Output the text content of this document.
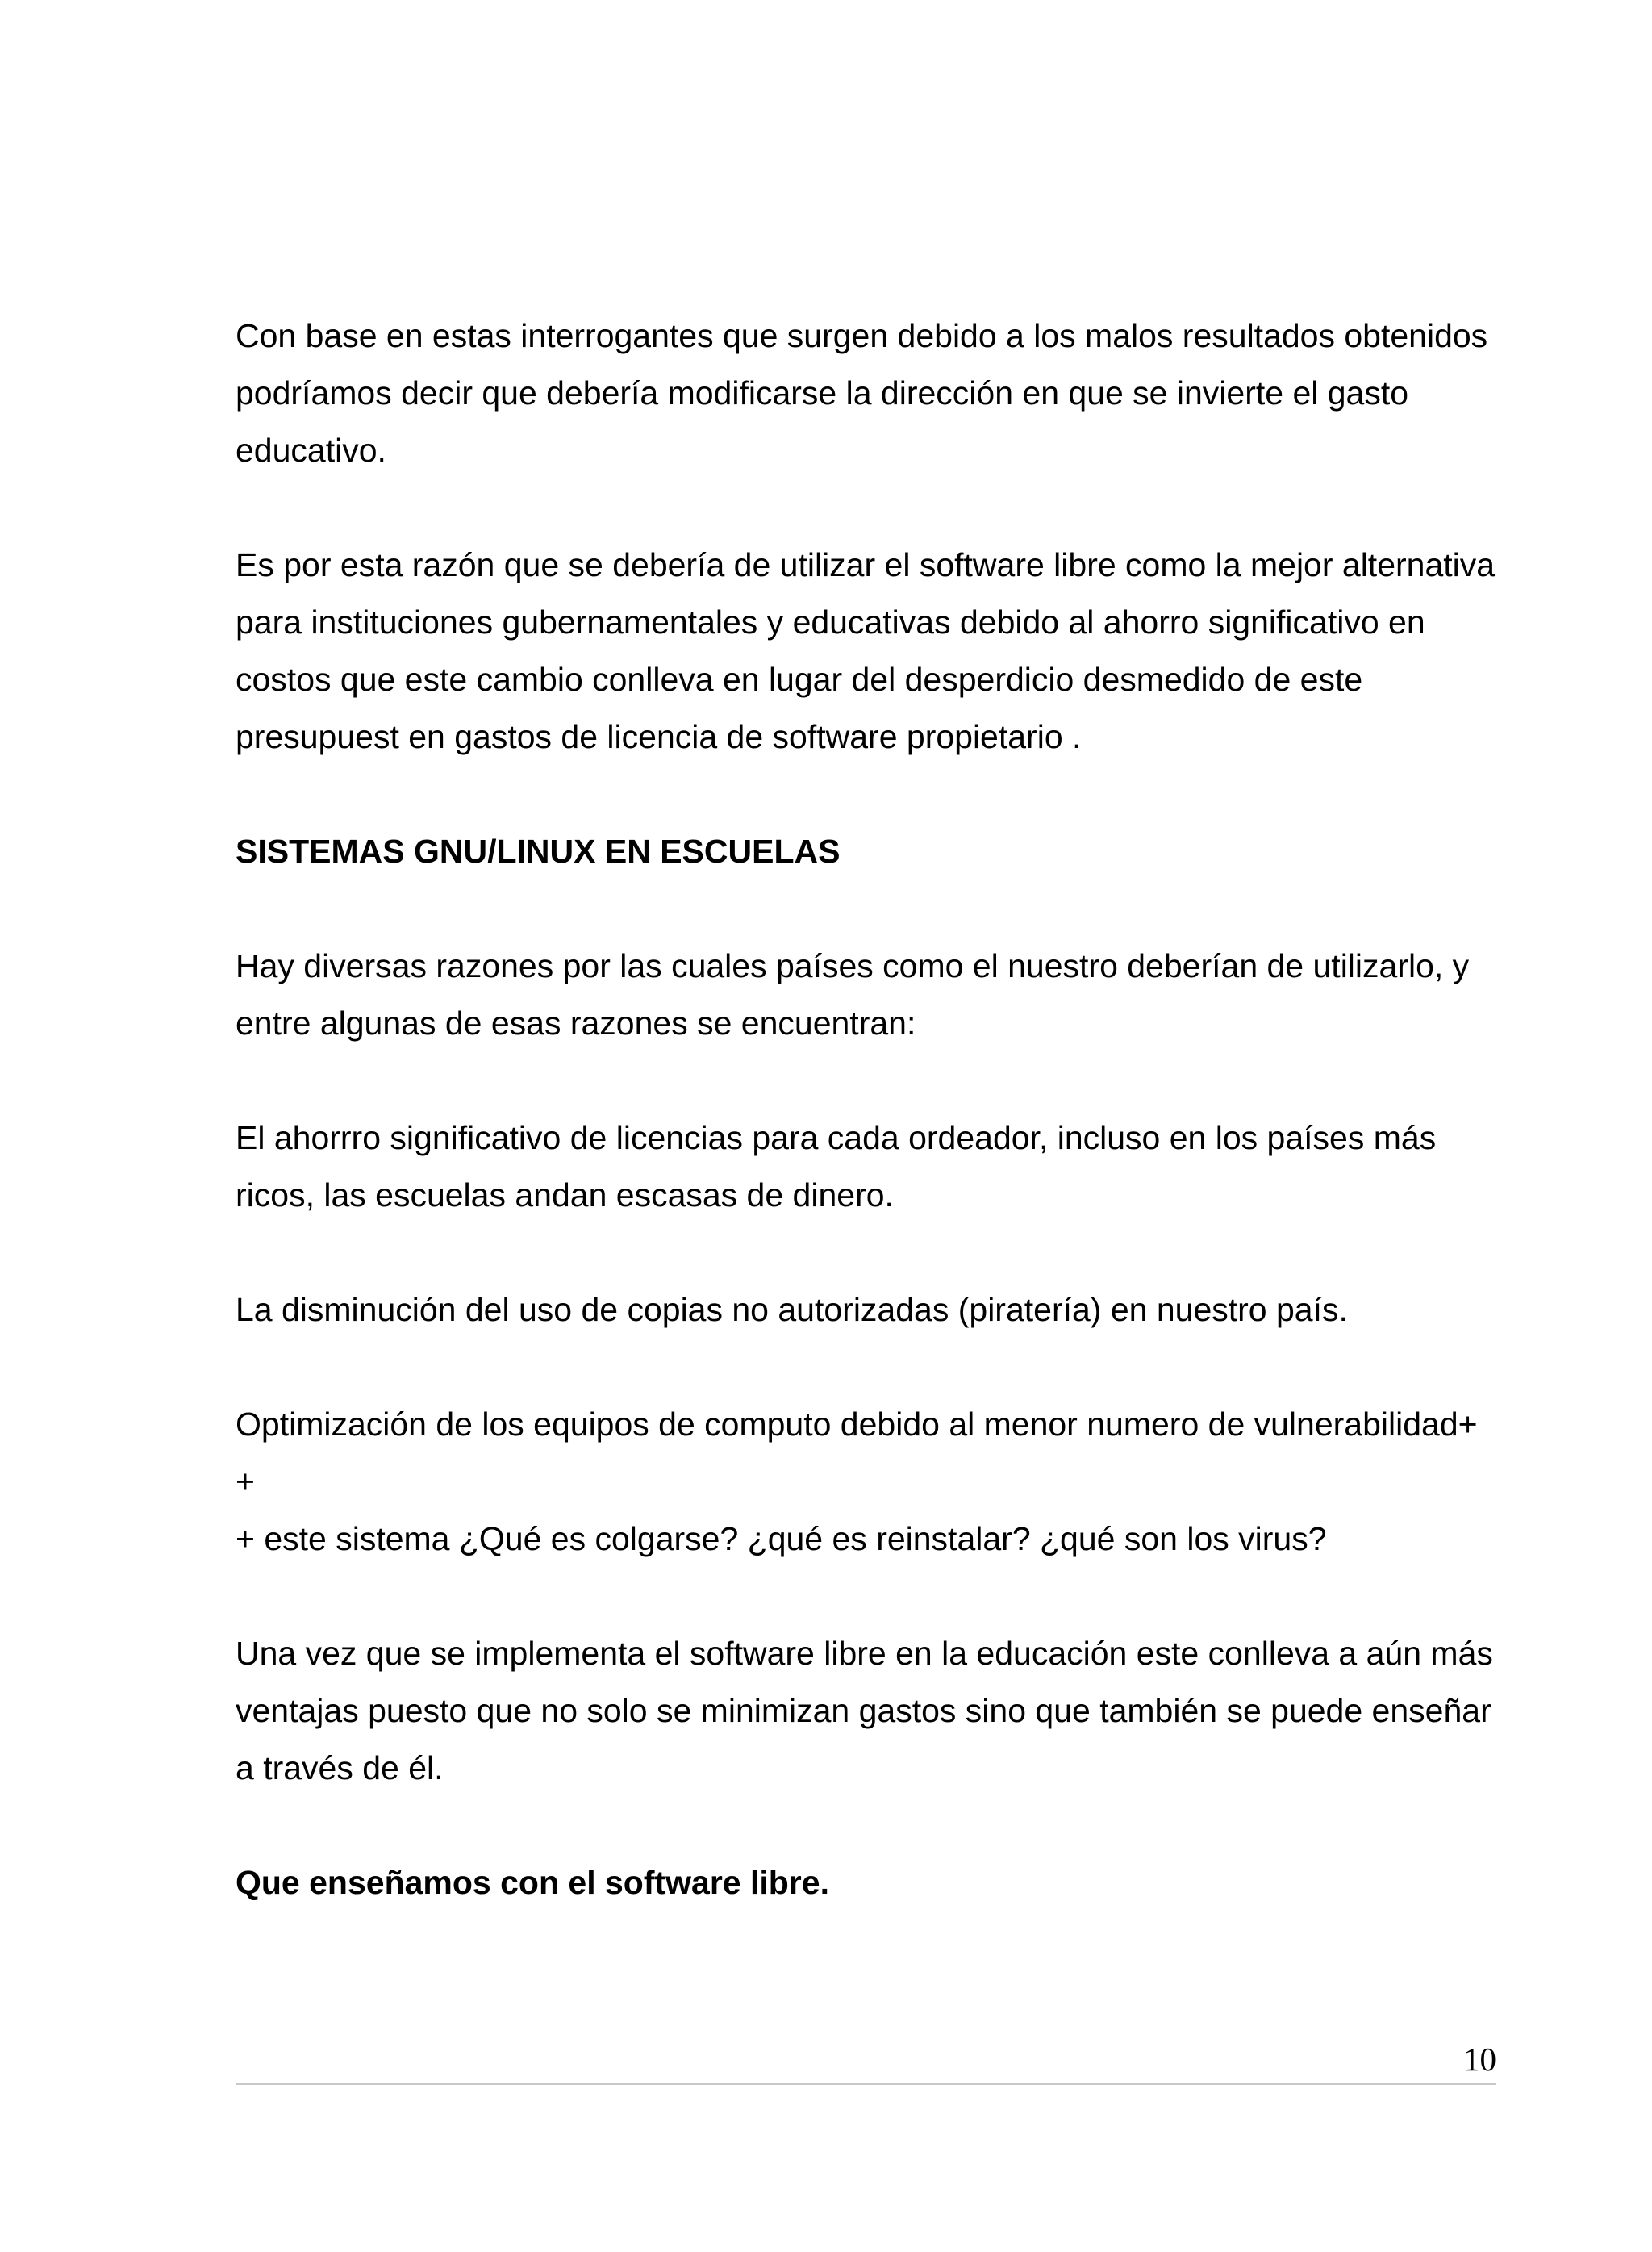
Con base en estas interrogantes que surgen debido a los malos resultados obtenidos podríamos decir que debería modificarse la dirección en que se invierte el gasto educativo.

Es por esta razón que se debería de utilizar el software libre como la mejor alternativa para instituciones gubernamentales y educativas debido al ahorro significativo en costos que este cambio conlleva en lugar del desperdicio desmedido de este presupuest en gastos de licencia de software propietario .

SISTEMAS GNU/LINUX EN ESCUELAS

Hay diversas razones por las cuales países como el nuestro deberían de utilizarlo, y entre algunas de esas razones se encuentran:

El ahorrro significativo de licencias para cada ordeador, incluso en los países más ricos, las escuelas andan escasas de dinero.

La disminución del uso de copias no autorizadas (piratería) en nuestro país.

Optimización de los equipos de computo debido al menor numero de vulnerabilidad+
+
+ este sistema ¿Qué es colgarse? ¿qué es reinstalar? ¿qué son los virus?

Una vez que se implementa el software libre en la educación este conlleva a aún más ventajas puesto que no solo se minimizan gastos sino que también se puede enseñar a través de él.

Que enseñamos con el software libre.

10
